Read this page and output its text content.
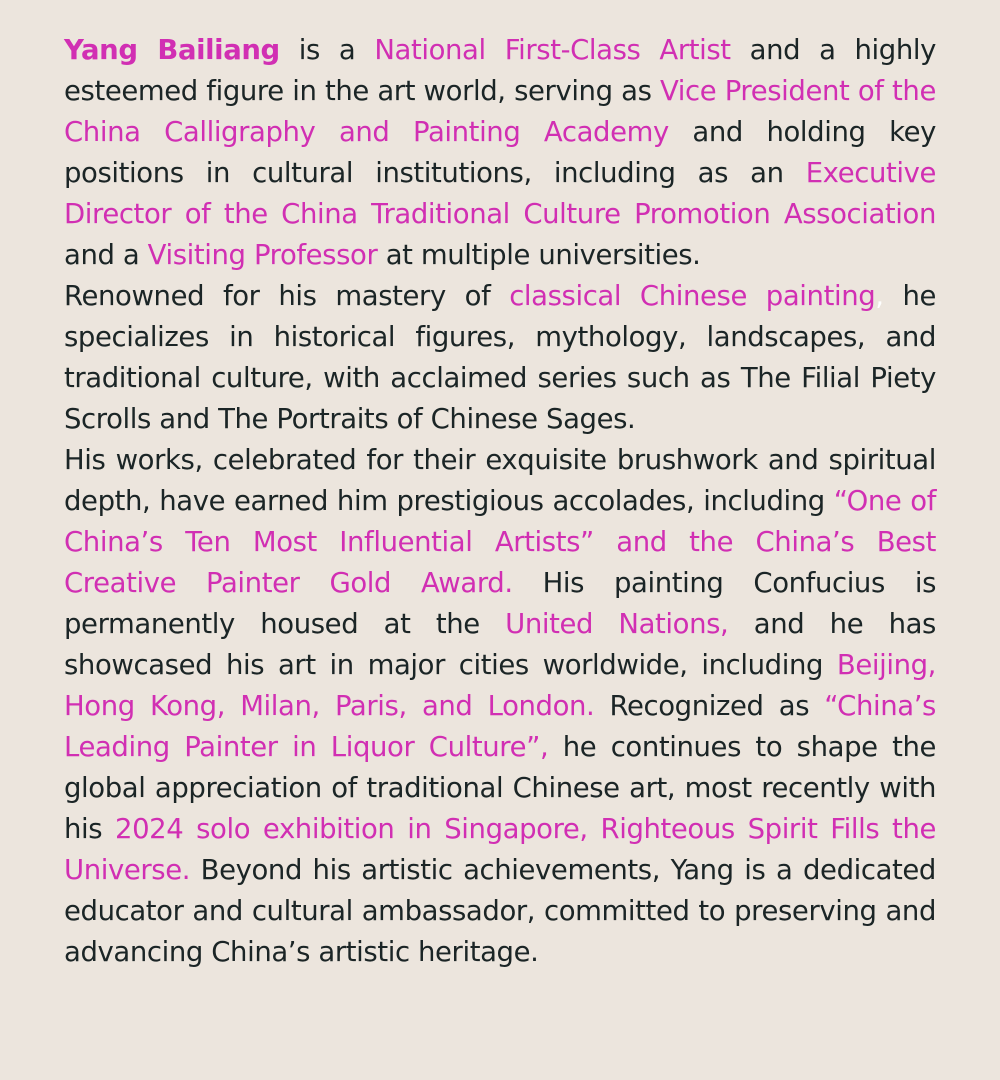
Yang Bailiang is a National First-Class Artist and a highly esteemed figure in the art world, serving as Vice President of the China Calligraphy and Painting Academy and holding key positions in cultural institutions, including as an Executive Director of the China Traditional Culture Promotion Association and a Visiting Professor at multiple universities.

Renowned for his mastery of classical Chinese painting, he specializes in historical figures, mythology, landscapes, and traditional culture, with acclaimed series such as The Filial Piety Scrolls and The Portraits of Chinese Sages.

His works, celebrated for their exquisite brushwork and spiritual depth, have earned him prestigious accolades, including “One of China’s Ten Most Influential Artists” and the China’s Best Creative Painter Gold Award. His painting Confucius is permanently housed at the United Nations, and he has showcased his art in major cities worldwide, including Beijing, Hong Kong, Milan, Paris, and London. Recognized as “China’s Leading Painter in Liquor Culture”, he continues to shape the global appreciation of traditional Chinese art, most recently with his 2024 solo exhibition in Singapore, Righteous Spirit Fills the Universe. Beyond his artistic achievements, Yang is a dedicated educator and cultural ambassador, committed to preserving and advancing China’s artistic heritage.
